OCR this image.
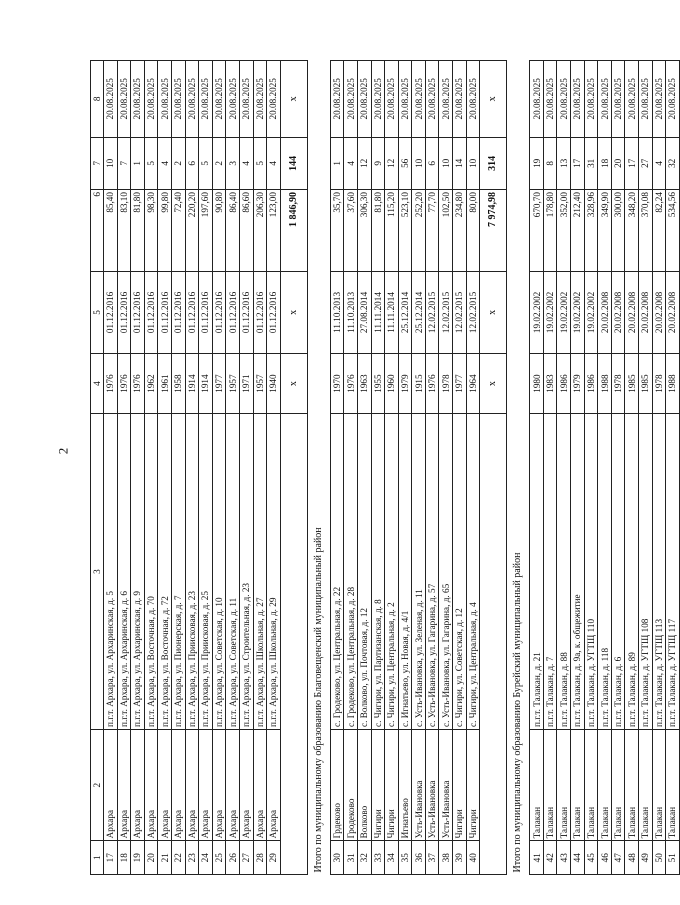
2
1	2	3	4	5	6	7	8
17	Архара	п.г.т. Архара, ул. Архаринская, д. 5	1976	01.12.2016	85,40	10	20.08.2025
18	Архара	п.г.т. Архара, ул. Архаринская, д. 6	1976	01.12.2016	83,10	7	20.08.2025
19	Архара	п.г.т. Архара, ул. Архаринская, д. 9	1976	01.12.2016	81,80	1	20.08.2025
20	Архара	п.г.т. Архара, ул. Восточная, д. 70	1962	01.12.2016	98,30	5	20.08.2025
21	Архара	п.г.т. Архара, ул. Восточная, д. 72	1961	01.12.2016	99,80	4	20.08.2025
22	Архара	п.г.т. Архара, ул. Пионерская, д. 7	1958	01.12.2016	72,40	2	20.08.2025
23	Архара	п.г.т. Архара, ул. Приисковая, д. 23	1914	01.12.2016	220,20	6	20.08.2025
24	Архара	п.г.т. Архара, ул. Приисковая, д. 25	1914	01.12.2016	197,60	5	20.08.2025
25	Архара	п.г.т. Архара, ул. Советская, д. 10	1977	01.12.2016	90,80	2	20.08.2025
26	Архара	п.г.т. Архара, ул. Советская, д. 11	1957	01.12.2016	86,40	3	20.08.2025
27	Архара	п.г.т. Архара, ул. Строительная, д. 23	1971	01.12.2016	86,60	4	20.08.2025
28	Архара	п.г.т. Архара, ул. Школьная, д. 27	1957	01.12.2016	206,30	5	20.08.2025
29	Архара	п.г.т. Архара, ул. Школьная, д. 29	1940	01.12.2016	123,00	4	20.08.2025
			х	х	1 846,90	144	х
Итого по муниципальному образованию Благовещенский муниципальный район							
30	Грдеково	с. Гродеково, ул. Центральная, д. 22	1970	11.10.2013	35,70	1	20.08.2025
31	Гродеково	с. Гродеково, ул. Центральная, д. 28	1976	11.10.2013	37,60	4	20.08.2025
32	Волково	с. Волково, ул. Почтовая, д. 12	1963	27.08.2014	306,30	12	20.08.2025
33	Чигири	с. Чигири, ул. Партизанская, д. 8	1955	11.11.2014	81,80	9	20.08.2025
34	Чигири	с. Чигири, ул. Центральная, д. 2	1960	11.11.2014	115,20	12	20.08.2025
35	Игнатьево	с. Игнатьево, ул. Новая, д. 4/1	1979	25.12.2014	523,10	56	20.08.2025
36	Усть-Ивановка	с. Усть-Ивановка, ул. Зеленая, д. 11	1915	25.12.2014	252,20	10	20.08.2025
37	Усть-Ивановка	с. Усть-Ивановка, ул. Гагарина, д. 57	1976	12.02.2015	77,70	6	20.08.2025
38	Усть-Ивановка	с. Усть-Ивановка, ул. Гагарина, д. 65	1978	12.02.2015	102,50	10	20.08.2025
39	Чигири	с. Чигири, ул. Советская, д. 12	1977	12.02.2015	234,80	14	20.08.2025
40	Чигири	с. Чигири, ул. Центральная, д. 4	1964	12.02.2015	80,00	10	20.08.2025
			х	х	7 974,98	314	х
Итого по муниципальному образованию Бурейский муниципальный район							
41	Талакан	п.г.т. Талакан, д. 21	1980	19.02.2002	670,70	19	20.08.2025
42	Талакан	п.г.т. Талакан, д. 7	1983	19.02.2002	178,80	8	20.08.2025
43	Талакан	п.г.т. Талакан, д. 88	1986	19.02.2002	352,00	13	20.08.2025
44	Талакан	п.г.т. Талакан, д. 9а, к. общежитие	1979	19.02.2002	212,40	17	20.08.2025
45	Талакан	п.г.т. Талакан, д. УГТЩ 110	1986	19.02.2002	328,96	31	20.08.2025
46	Талакан	п.г.т. Талакан, д. 118	1988	20.02.2008	349,90	18	20.08.2025
47	Талакан	п.г.т. Талакан, д. 6	1978	20.02.2008	300,00	20	20.08.2025
48	Талакан	п.г.т. Талакан, д. 89	1985	20.02.2008	348,20	17	20.08.2025
49	Талакан	п.г.т. Талакан, д. УГТЩ 108	1985	20.02.2008	370,08	27	20.08.2025
50	Талакан	п.г.т. Талакан, д. УГТЩ 113	1978	20.02.2008	82,24	4	20.08.2025
51	Талакан	п.г.т. Талакан, д. УГТЩ 117	1988	20.02.2008	534,56	32	20.08.2025
